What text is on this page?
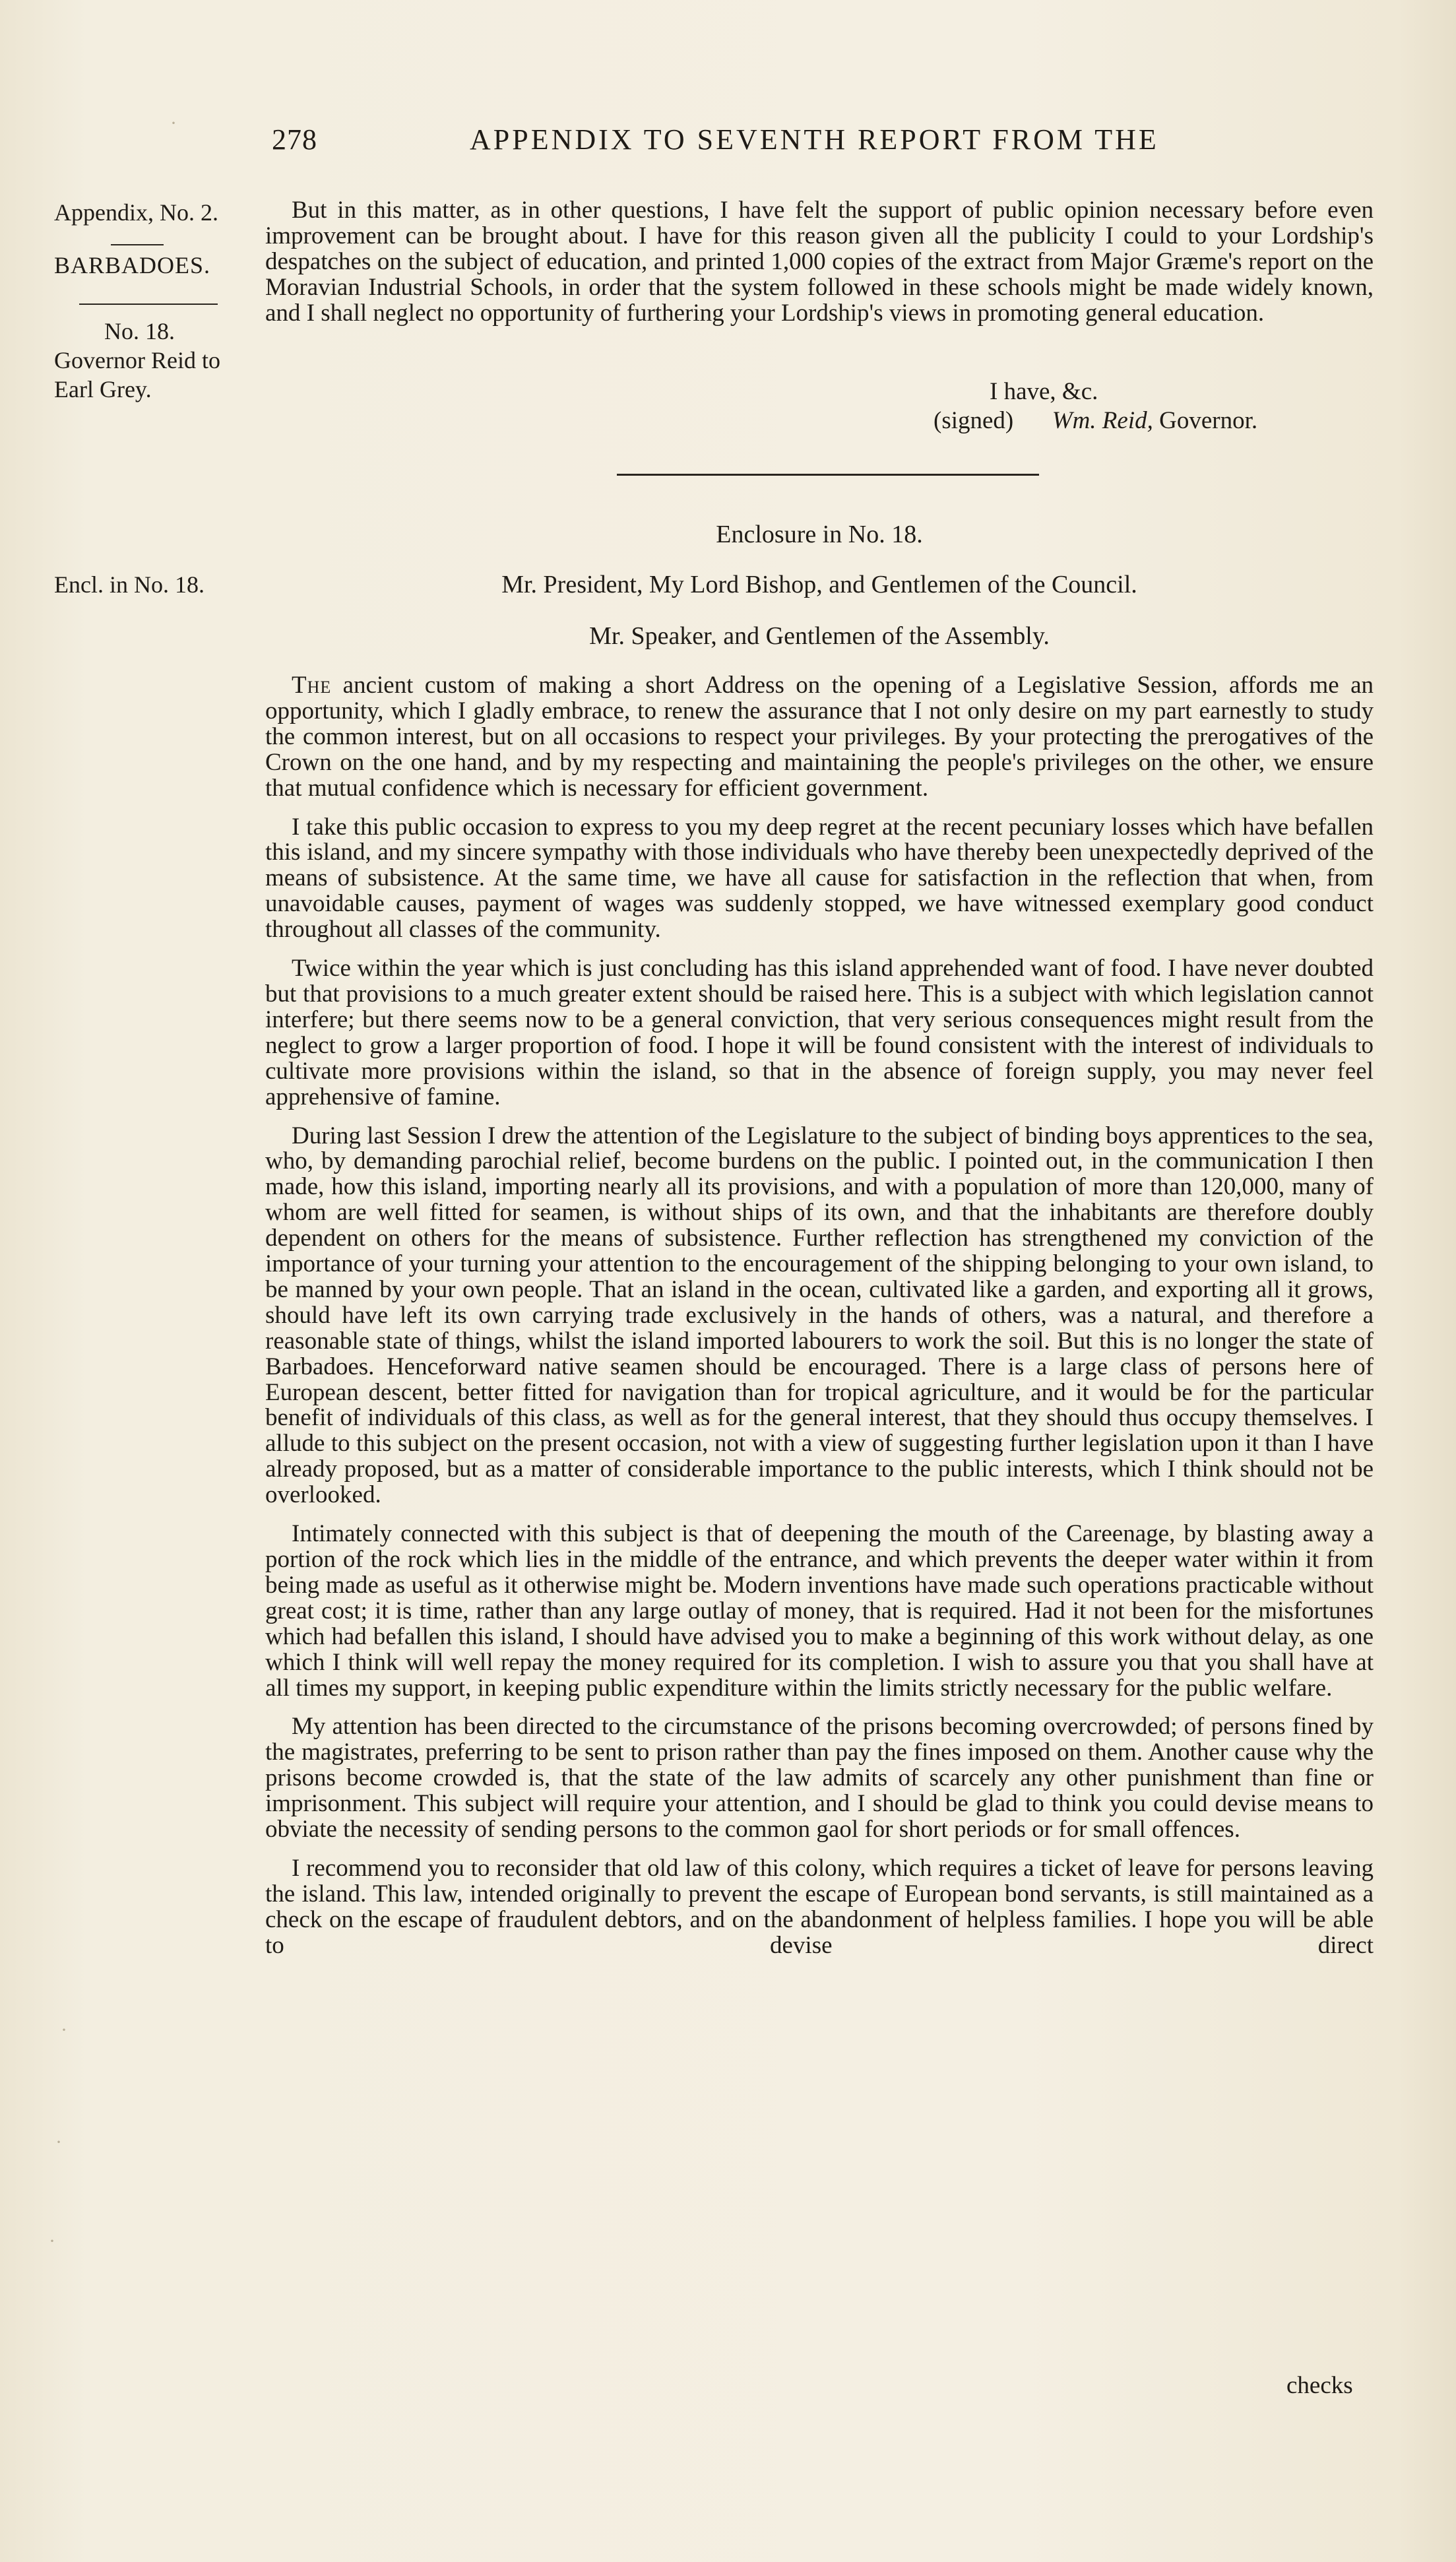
278	APPENDIX TO SEVENTH REPORT FROM THE
Appendix, No. 2.
BARBADOES.
No. 18.
Governor Reid to
Earl Grey.
Encl. in No. 18.

But in this matter, as in other questions, I have felt the support of public opinion necessary before even improvement can be brought about. I have for this reason given all the publicity I could to your Lordship's despatches on the subject of education, and printed 1,000 copies of the extract from Major Græme's report on the Moravian Industrial Schools, in order that the system followed in these schools might be made widely known, and I shall neglect no opportunity of furthering your Lordship's views in promoting general education.

I have, &c.
(signed) Wm. Reid, Governor.
Enclosure in No. 18.
Mr. President, My Lord Bishop, and Gentlemen of the Council.
Mr. Speaker, and Gentlemen of the Assembly.

The ancient custom of making a short Address on the opening of a Legislative Session, affords me an opportunity, which I gladly embrace, to renew the assurance that I not only desire on my part earnestly to study the common interest, but on all occasions to respect your privileges. By your protecting the prerogatives of the Crown on the one hand, and by my respecting and maintaining the people's privileges on the other, we ensure that mutual confidence which is necessary for efficient government.

I take this public occasion to express to you my deep regret at the recent pecuniary losses which have befallen this island, and my sincere sympathy with those individuals who have thereby been unexpectedly deprived of the means of subsistence. At the same time, we have all cause for satisfaction in the reflection that when, from unavoidable causes, payment of wages was suddenly stopped, we have witnessed exemplary good conduct throughout all classes of the community.

Twice within the year which is just concluding has this island apprehended want of food. I have never doubted but that provisions to a much greater extent should be raised here. This is a subject with which legislation cannot interfere; but there seems now to be a general conviction, that very serious consequences might result from the neglect to grow a larger proportion of food. I hope it will be found consistent with the interest of individuals to cultivate more provisions within the island, so that in the absence of foreign supply, you may never feel apprehensive of famine.

During last Session I drew the attention of the Legislature to the subject of binding boys apprentices to the sea, who, by demanding parochial relief, become burdens on the public. I pointed out, in the communication I then made, how this island, importing nearly all its provisions, and with a population of more than 120,000, many of whom are well fitted for seamen, is without ships of its own, and that the inhabitants are therefore doubly dependent on others for the means of subsistence. Further reflection has strengthened my conviction of the importance of your turning your attention to the encouragement of the shipping belonging to your own island, to be manned by your own people. That an island in the ocean, cultivated like a garden, and exporting all it grows, should have left its own carrying trade exclusively in the hands of others, was a natural, and therefore a reasonable state of things, whilst the island imported labourers to work the soil. But this is no longer the state of Barbadoes. Henceforward native seamen should be encouraged. There is a large class of persons here of European descent, better fitted for navigation than for tropical agriculture, and it would be for the particular benefit of individuals of this class, as well as for the general interest, that they should thus occupy themselves. I allude to this subject on the present occasion, not with a view of suggesting further legislation upon it than I have already proposed, but as a matter of considerable importance to the public interests, which I think should not be overlooked.

Intimately connected with this subject is that of deepening the mouth of the Careenage, by blasting away a portion of the rock which lies in the middle of the entrance, and which prevents the deeper water within it from being made as useful as it otherwise might be. Modern inventions have made such operations practicable without great cost; it is time, rather than any large outlay of money, that is required. Had it not been for the misfortunes which had befallen this island, I should have advised you to make a beginning of this work without delay, as one which I think will well repay the money required for its completion. I wish to assure you that you shall have at all times my support, in keeping public expenditure within the limits strictly necessary for the public welfare.

My attention has been directed to the circumstance of the prisons becoming overcrowded; of persons fined by the magistrates, preferring to be sent to prison rather than pay the fines imposed on them. Another cause why the prisons become crowded is, that the state of the law admits of scarcely any other punishment than fine or imprisonment. This subject will require your attention, and I should be glad to think you could devise means to obviate the necessity of sending persons to the common gaol for short periods or for small offences.

I recommend you to reconsider that old law of this colony, which requires a ticket of leave for persons leaving the island. This law, intended originally to prevent the escape of European bond servants, is still maintained as a check on the escape of fraudulent debtors, and on the abandonment of helpless families. I hope you will be able to devise direct

checks
·
·
·
·
